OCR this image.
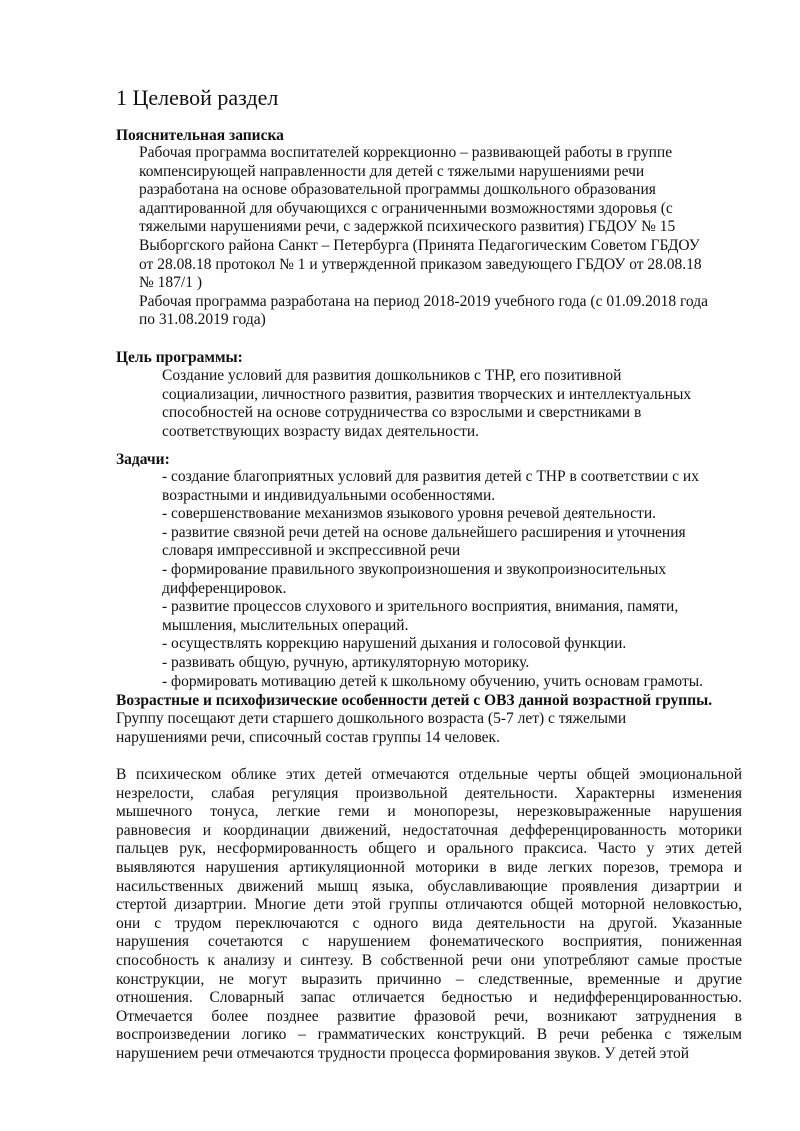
1 Целевой раздел
Пояснительная записка
Рабочая программа воспитателей коррекционно – развивающей работы в группе
компенсирующей направленности для детей с тяжелыми нарушениями речи
разработана на основе образовательной программы дошкольного образования
адаптированной для обучающихся с ограниченными возможностями здоровья (с
тяжелыми нарушениями речи, с задержкой психического развития) ГБДОУ № 15
Выборгского района Санкт – Петербурга (Принята Педагогическим Советом ГБДОУ
от 28.08.18 протокол № 1 и утвержденной приказом заведующего ГБДОУ от 28.08.18
№ 187/1 )
Рабочая программа разработана на период 2018-2019 учебного года (с 01.09.2018 года
по 31.08.2019 года)
Цель программы:
Создание условий для развития дошкольников с ТНР, его позитивной
социализации, личностного развития, развития творческих и интеллектуальных
способностей на основе сотрудничества со взрослыми и сверстниками в
соответствующих возрасту видах деятельности.
Задачи:
- создание благоприятных условий для развития детей с ТНР в соответствии с их
возрастными и индивидуальными особенностями.
- совершенствование механизмов языкового уровня речевой деятельности.
- развитие связной речи детей на основе дальнейшего расширения и уточнения
словаря импрессивной и экспрессивной речи
- формирование правильного звукопроизношения и звукопроизносительных
дифференцировок.
- развитие процессов слухового и зрительного восприятия, внимания, памяти,
мышления, мыслительных операций.
- осуществлять коррекцию нарушений дыхания и голосовой функции.
- развивать общую, ручную, артикуляторную моторику.
- формировать мотивацию детей к школьному обучению, учить основам грамоты.
Возрастные и психофизические особенности детей с ОВЗ данной возрастной группы.
Группу посещают дети старшего дошкольного возраста (5-7 лет) с тяжелыми
нарушениями речи, списочный состав группы 14 человек.
В психическом облике этих детей отмечаются отдельные черты общей эмоциональной
незрелости, слабая регуляция произвольной деятельности. Характерны изменения
мышечного тонуса, легкие геми и монопорезы, нерезковыраженные нарушения
равновесия и координации движений, недостаточная дефференцированность моторики
пальцев рук, несформированность общего и орального праксиса. Часто у этих детей
выявляются нарушения артикуляционной моторики в виде легких порезов, тремора и
насильственных движений мышц языка, обуславливающие проявления дизартрии и
стертой дизартрии. Многие дети этой группы отличаются общей моторной неловкостью,
они с трудом переключаются с одного вида деятельности на другой. Указанные
нарушения сочетаются с нарушением фонематического восприятия, пониженная
способность к анализу и синтезу. В собственной речи они употребляют самые простые
конструкции, не могут выразить причинно – следственные, временные и другие
отношения. Словарный запас отличается бедностью и недифференцированностью.
Отмечается более позднее развитие фразовой речи, возникают затруднения в
воспроизведении логико – грамматических конструкций. В речи ребенка с тяжелым
нарушением речи отмечаются трудности процесса формирования звуков. У детей этой
